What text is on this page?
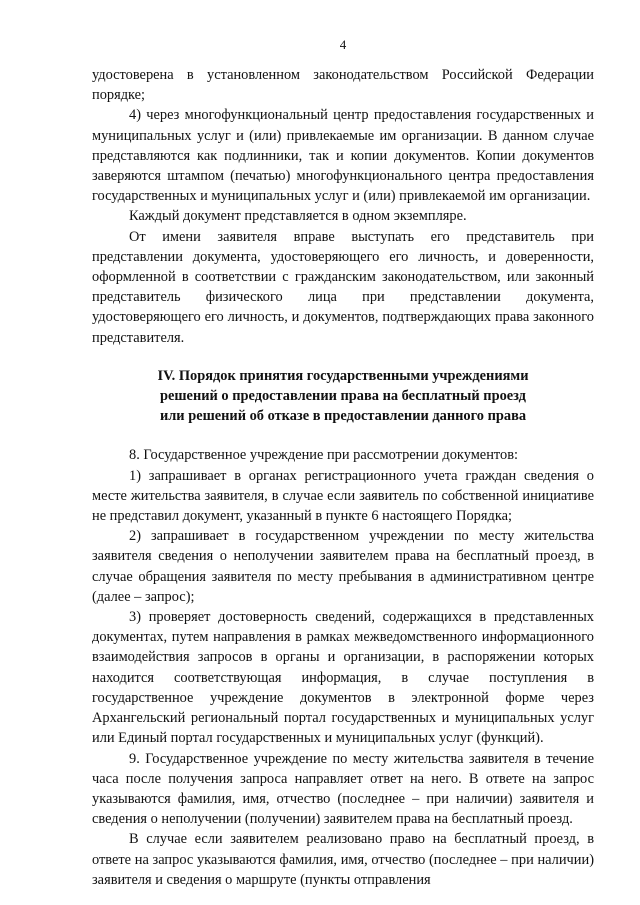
4

удостоверена в установленном законодательством Российской Федерации порядке;

4) через многофункциональный центр предоставления государственных и муниципальных услуг и (или) привлекаемые им организации. В данном случае представляются как подлинники, так и копии документов. Копии документов заверяются штампом (печатью) многофункционального центра предоставления государственных и муниципальных услуг и (или) привлекаемой им организации.

Каждый документ представляется в одном экземпляре.

От имени заявителя вправе выступать его представитель при представлении документа, удостоверяющего его личность, и доверенности, оформленной в соответствии с гражданским законодательством, или законный представитель физического лица при представлении документа, удостоверяющего его личность, и документов, подтверждающих права законного представителя.

IV. Порядок принятия государственными учреждениями
решений о предоставлении права на бесплатный проезд
или решений об отказе в предоставлении данного права

8. Государственное учреждение при рассмотрении документов:

1) запрашивает в органах регистрационного учета граждан сведения о месте жительства заявителя, в случае если заявитель по собственной инициативе не представил документ, указанный в пункте 6 настоящего Порядка;

2) запрашивает в государственном учреждении по месту жительства заявителя сведения о неполучении заявителем права на бесплатный проезд, в случае обращения заявителя по месту пребывания в административном центре (далее – запрос);

3) проверяет достоверность сведений, содержащихся в представленных документах, путем направления в рамках межведомственного информационного взаимодействия запросов в органы и организации, в распоряжении которых находится соответствующая информация, в случае поступления в государственное учреждение документов в электронной форме через Архангельский региональный портал государственных и муниципальных услуг или Единый портал государственных и муниципальных услуг (функций).

9. Государственное учреждение по месту жительства заявителя в течение часа после получения запроса направляет ответ на него. В ответе на запрос указываются фамилия, имя, отчество (последнее – при наличии) заявителя и сведения о неполучении (получении) заявителем права на бесплатный проезд.

В случае если заявителем реализовано право на бесплатный проезд, в ответе на запрос указываются фамилия, имя, отчество (последнее – при наличии) заявителя и сведения о маршруте (пункты отправления
